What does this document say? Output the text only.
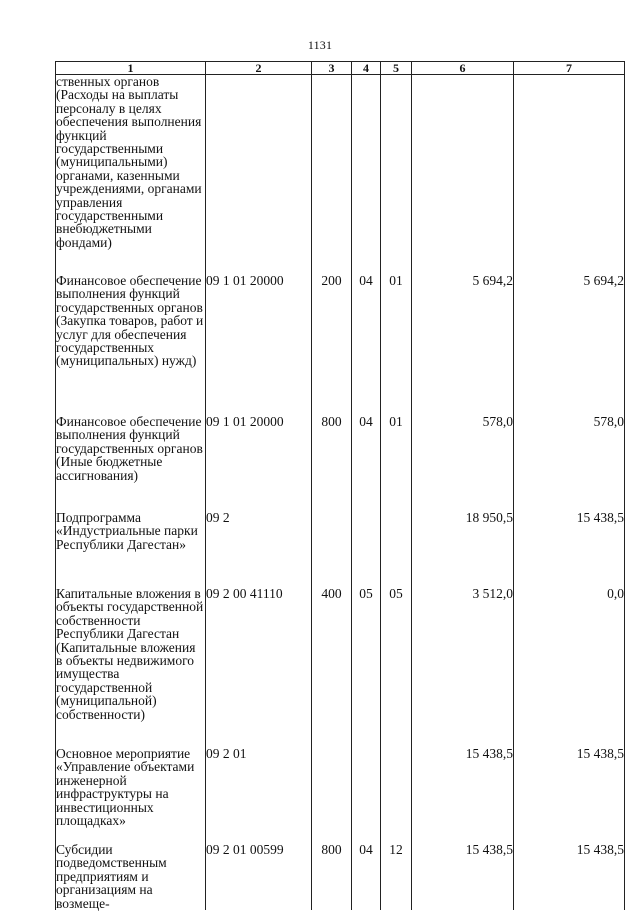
1131
1	2	3	4	5	6	7
ственных органов (Расходы на выплаты персоналу в целях обеспечения выполнения функций государственными (муниципальными) органами, казенными учреждениями, органами управления государственными внебюджетными фондами)						
Финансовое обеспечение выполнения функций государственных органов (Закупка товаров, работ и услуг для обеспечения государственных (муниципальных) нужд)	09 1 01 20000	200	04	01	5 694,2	5 694,2
Финансовое обеспечение выполнения функций государственных органов (Иные бюджетные ассигнования)	09 1 01 20000	800	04	01	578,0	578,0
Подпрограмма «Индустриальные парки Республики Дагестан»	09 2				18 950,5	15 438,5
Капитальные вложения в объекты государственной собственности Республики Дагестан (Капитальные вложения в объекты недвижимого имущества государственной (муниципальной) собственности)	09 2 00 41110	400	05	05	3 512,0	0,0
Основное мероприятие «Управление объектами инженерной инфраструктуры на инвестиционных площадках»	09 2 01				15 438,5	15 438,5
Субсидии подведомственным предприятиям и организациям на возмеще-	09 2 01 00599	800	04	12	15 438,5	15 438,5
